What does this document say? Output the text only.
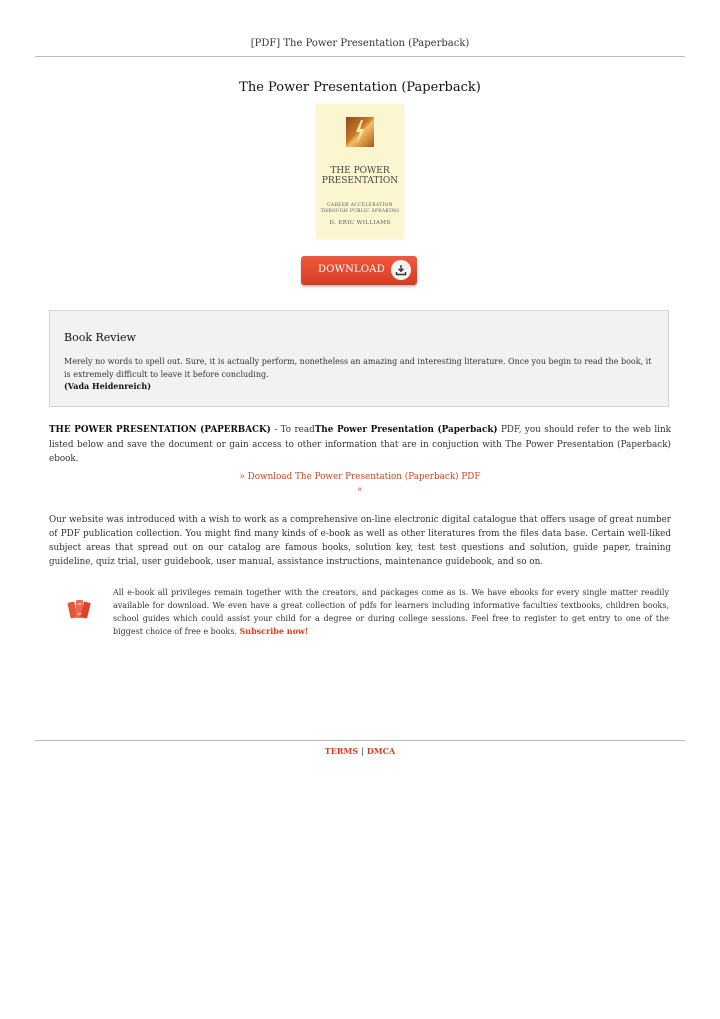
[PDF] The Power Presentation (Paperback)
The Power Presentation (Paperback)
THE POWER
PRESENTATION
CAREER ACCELERATION
THROUGH PUBLIC SPEAKING
D. ERIC WILLIAMS
DOWNLOAD
Book Review
Merely no words to spell out. Sure, it is actually perform, nonetheless an amazing and interesting literature. Once you begin to read the book, it is extremely difficult to leave it before concluding.
(Vada Heidenreich)
THE POWER PRESENTATION (PAPERBACK) - To readThe Power Presentation (Paperback) PDF, you should refer to the web link listed below and save the document or gain access to other information that are in conjuction with The Power Presentation (Paperback) ebook.
» Download The Power Presentation (Paperback) PDF
«
Our website was introduced with a wish to work as a comprehensive on-line electronic digital catalogue that offers usage of great number of PDF publication collection. You might find many kinds of e-book as well as other literatures from the files data base. Certain well-liked subject areas that spread out on our catalog are famous books, solution key, test test questions and solution, guide paper, training guideline, quiz trial, user guidebook, user manual, assistance instructions, maintenance guidebook, and so on.
All e-book all privileges remain together with the creators, and packages come as is. We have ebooks for every single matter readily available for download. We even have a great collection of pdfs for learners including informative faculties textbooks, children books, school guides which could assist your child for a degree or during college sessions. Feel free to register to get entry to one of the biggest choice of free e books. Subscribe now!
TERMS | DMCA
